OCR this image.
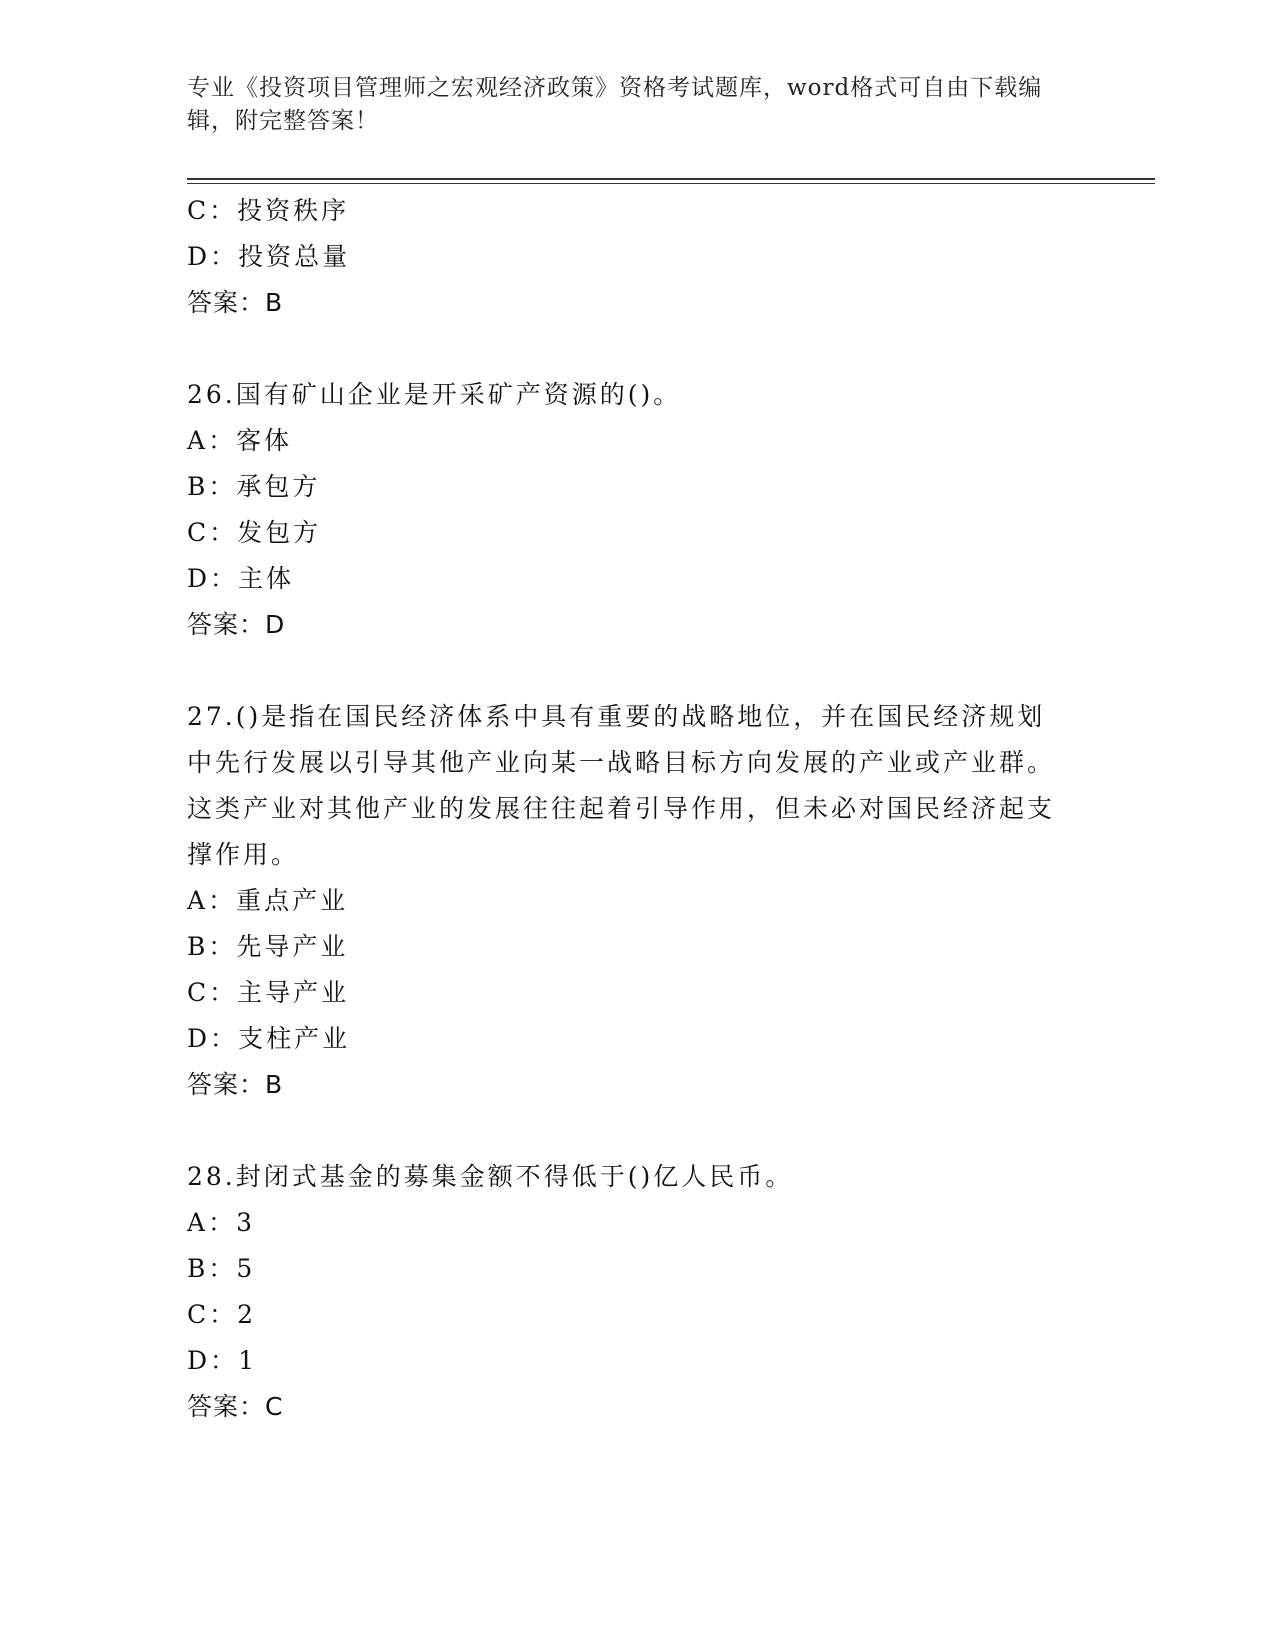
专业《投资项目管理师之宏观经济政策》资格考试题库，word格式可自由下载编辑，附完整答案！
C：投资秩序
D：投资总量
答案：B
26.国有矿山企业是开采矿产资源的()。
A：客体
B：承包方
C：发包方
D：主体
答案：D
27.()是指在国民经济体系中具有重要的战略地位，并在国民经济规划中先行发展以引导其他产业向某一战略目标方向发展的产业或产业群。这类产业对其他产业的发展往往起着引导作用，但未必对国民经济起支撑作用。
A：重点产业
B：先导产业
C：主导产业
D：支柱产业
答案：B
28.封闭式基金的募集金额不得低于()亿人民币。
A：3
B：5
C：2
D：1
答案：C
